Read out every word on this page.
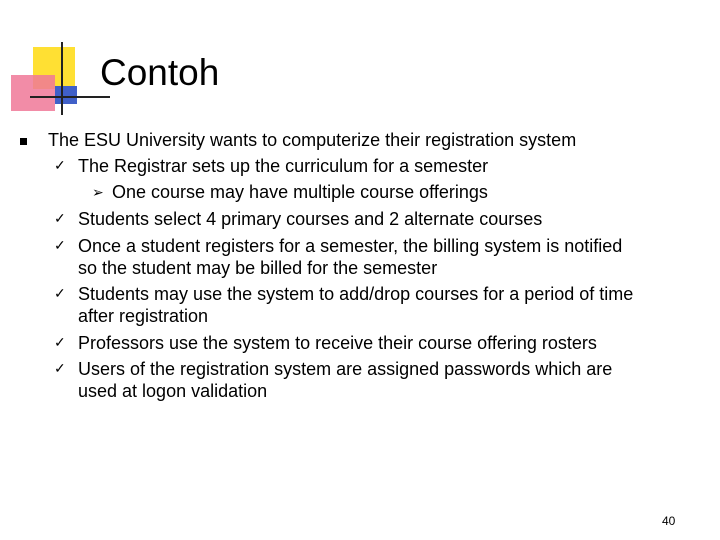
Contoh
The ESU University wants to computerize their registration system
✓ The Registrar sets up the curriculum for a semester
➢ One course may have multiple course offerings
✓ Students select 4 primary courses and 2 alternate courses
✓ Once a student registers for a semester, the billing system is notified
so the student may be billed for the semester
✓ Students may use the system to add/drop courses for a period of time
after registration
✓ Professors use the system to receive their course offering rosters
✓ Users of the registration system are assigned passwords which are
used at logon validation
40
